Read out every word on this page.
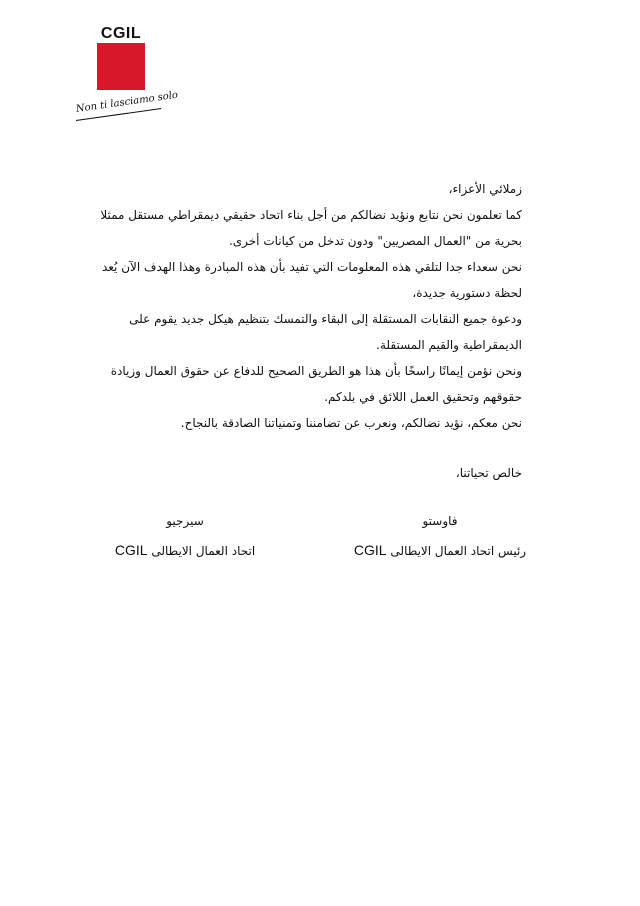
CGIL
Non ti lasciamo solo

زملائي الأعزاء،

كما تعلمون نحن نتابع ونؤيد نضالكم من أجل بناء اتحاد حقيقي ديمقراطي مستقل ممثلا بحرية من "العمال المصريين" ودون تدخل من كيانات أخرى.

نحن سعداء جدا لتلقي هذه المعلومات التي تفيد بأن هذه المبادرة وهذا الهدف الآن يُعد لحظة دستورية جديدة،

ودعوة جميع النقابات المستقلة إلى البقاء والتمسك بتنظيم هيكل جديد يقوم على الديمقراطية والقيم المستقلة.

ونحن نؤمن إيمانًا راسخًا بأن هذا هو الطريق الصحيح للدفاع عن حقوق العمال وزيادة حقوقهم وتحقيق العمل اللائق في بلدكم.

نحن معكم، نؤيد نضالكم، ونعرب عن تضامننا وتمنياتنا الصادقة بالنجاح.

خالص تحياتنا،

فاوستو
رئيس اتحاد العمال الايطالى CGIL
سيرجيو
اتحاد العمال الايطالى CGIL
